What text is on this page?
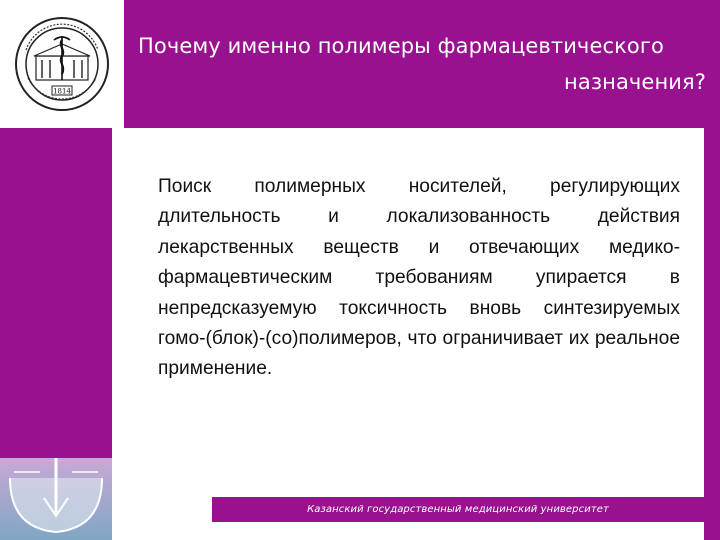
1814
Почему именно полимеры фармацевтического
назначения?
Поиск полимерных носителей, регулирующих длительность и локализованность действия лекарственных веществ и отвечающих медико-фармацевтическим требованиям упирается в непредсказуемую токсичность вновь синтезируемых гомо-(блок)-(со)полимеров, что ограничивает их реальное применение.
Казанский государственный медицинский университет
